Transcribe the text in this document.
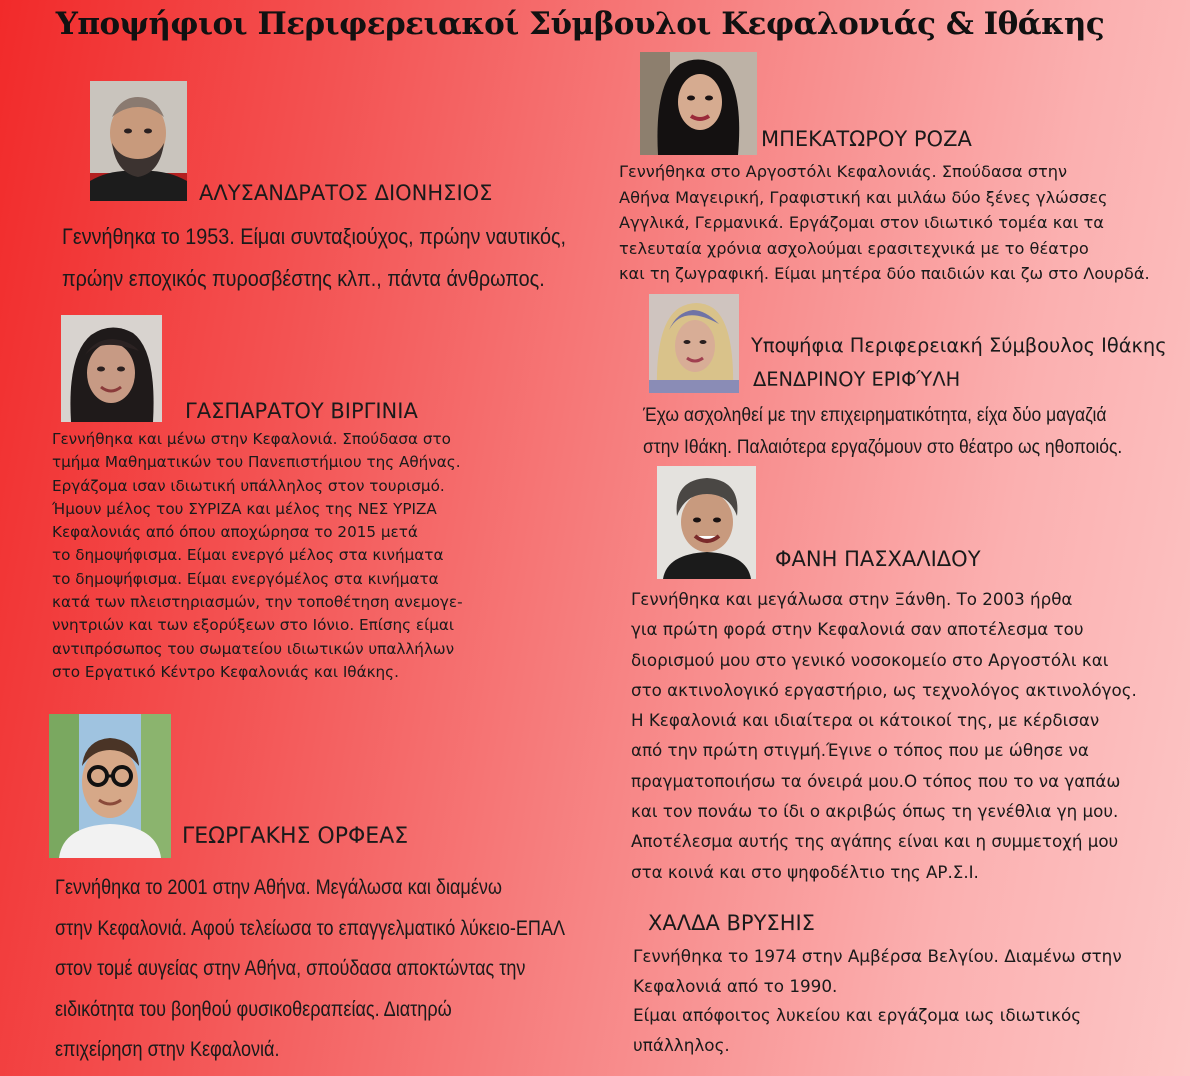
Υποψήφιοι Περιφερειακοί Σύμβουλοι Κεφαλονιάς & Ιθάκης
ΑΛΥΣΑΝΔΡΑΤΟΣ ΔΙΟΝΗΣΙΟΣ
Γεννήθηκα το 1953. Είμαι συνταξιούχος, πρώην ναυτικός,
πρώην εποχικός πυροσβέστης κλπ., πάντα άνθρωπος.
ΓΑΣΠΑΡΑΤΟΥ ΒΙΡΓΙΝΙΑ
Γεννήθηκα και μένω στην Κεφαλονιά. Σπούδασα στο
τμήμα Μαθηματικών του Πανεπιστήμιου της Αθήνας.
Εργάζομα ισαν ιδιωτική υπάλληλος στον τουρισμό.
Ήμουν μέλος του ΣΥΡΙΖΑ και μέλος της ΝΕΣ ΥΡΙΖΑ
Κεφαλονιάς από όπου αποχώρησα το 2015 μετά
το δημοψήφισμα. Είμαι ενεργό μέλος στα κινήματα
το δημοψήφισμα. Είμαι ενεργόμέλος στα κινήματα
κατά των πλειστηριασμών, την τοποθέτηση ανεμογε-
ννητριών και των εξορύξεων στο Ιόνιο. Επίσης είμαι
αντιπρόσωπος του σωματείου ιδιωτικών υπαλλήλων
στο Εργατικό Κέντρο Κεφαλονιάς και Ιθάκης.
ΓΕΩΡΓΑΚΗΣ ΟΡΦΕΑΣ
Γεννήθηκα το 2001 στην Αθήνα. Μεγάλωσα και διαμένω
στην Κεφαλονιά. Αφού τελείωσα το επαγγελματικό λύκειο-ΕΠΑΛ
στον τομέ αυγείας στην Αθήνα, σπούδασα αποκτώντας την
ειδικότητα του βοηθού φυσικοθεραπείας. Διατηρώ
επιχείρηση στην Κεφαλονιά.
ΜΠΕΚΑΤΩΡΟΥ ΡΟΖΑ
Γεννήθηκα στο Αργοστόλι Κεφαλονιάς. Σπούδασα στην
Αθήνα Μαγειρική, Γραφιστική και μιλάω δύο ξένες γλώσσες
Αγγλικά, Γερμανικά. Εργάζομαι στον ιδιωτικό τομέα και τα
τελευταία χρόνια ασχολούμαι ερασιτεχνικά με το θέατρο
και τη ζωγραφική. Είμαι μητέρα δύο παιδιών και ζω στο Λουρδά.
Υποψήφια Περιφερειακή Σύμβουλος Ιθάκης
ΔΕΝΔΡΙΝΟΥ ΕΡΙΦΎΛΗ
Έχω ασχοληθεί με την επιχειρηματικότητα, είχα δύο μαγαζιά
στην Ιθάκη. Παλαιότερα εργαζόμουν στο θέατρο ως ηθοποιός.
ΦΑΝΗ ΠΑΣΧΑΛΙΔΟΥ
Γεννήθηκα και μεγάλωσα στην Ξάνθη. Το 2003 ήρθα
για πρώτη φορά στην Κεφαλονιά σαν αποτέλεσμα του
διορισμού μου στο γενικό νοσοκομείο στο Αργοστόλι και
στο ακτινολογικό εργαστήριο, ως τεχνολόγος ακτινολόγος.
Η Κεφαλονιά και ιδιαίτερα οι κάτοικοί της, με κέρδισαν
από την πρώτη στιγμή.Έγινε ο τόπος που με ώθησε να
πραγματοποιήσω τα όνειρά μου.Ο τόπος που το να γαπάω
και τον πονάω το ίδι ο ακριβώς όπως τη γενέθλια γη μου.
Αποτέλεσμα αυτής της αγάπης είναι και η συμμετοχή μου
στα κοινά και στο ψηφοδέλτιο της ΑΡ.Σ.Ι.
ΧΑΛΔΑ ΒΡΥΣΗΙΣ
Γεννήθηκα το 1974 στην Αμβέρσα Βελγίου. Διαμένω στην
Κεφαλονιά από το 1990.
Είμαι απόφοιτος λυκείου και εργάζομα ιως ιδιωτικός
υπάλληλος.
